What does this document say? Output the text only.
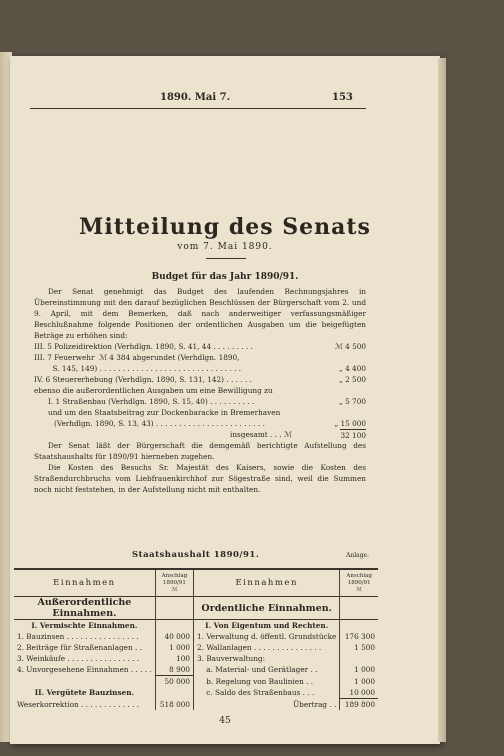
1890. Mai 7.	153
Mitteilung des Senats
vom 7. Mai 1890.
Budget für das Jahr 1890/91.

Der Senat genehmigt das Budget des laufenden Rechnungsjahres in Übereinstimmung mit den darauf bezüglichen Beschlüssen der Bürgerschaft vom 2. und 9. April, mit dem Bemerken, daß nach anderweitiger verfassungsmäßiger Beschlußnahme folgende Positionen der ordentlichen Ausgaben um die beigefügten Beträge zu erhöhen sind:

III. 5 Polizeidirektion (Verhdlgn. 1890, S. 41, 44 . . . . . . . . .	ℳ 4 500
III. 7 Feuerwehr  ℳ 4 384 abgerundet (Verhdlgn. 1890,
S. 145, 149) . . . . . . . . . . . . . . . . . . . . . . . . . . . . . . .	„ 4 400
IV. 6 Steuererhebung (Verhdlgn. 1890, S. 131, 142) . . . . . .	„ 2 500
ebenso die außerordentlichen Ausgaben um eine Bewilligung zu
I. 1 Straßenbau (Verhdlgn. 1890, S. 15, 40) . . . . . . . . . .	„ 5 700
und um den Staatsbeitrag zur Dockenbaracke in Bremerhaven
(Verhdlgn. 1890, S. 13, 43) . . . . . . . . . . . . . . . . . . . . . . . .	„ 15 000
insgesamt . . . ℳ	32 100

Der Senat läßt der Bürgerschaft die demgemäß berichtigte Aufstellung des Staatshaushalts für 1890/91 hierneben zugehen.

Die Kosten des Besuchs Sr. Majestät des Kaisers, sowie die Kosten des Straßendurchbruchs vom Liebfrauenkirchhof zur Sögestraße sind, weil die Summen noch nicht feststehen, in der Aufstellung nicht mit enthalten.

Staatshaushalt 1890/91.	Anlage.
Einnahmen	Anschlag
1890/91
ℳ	Einnahmen	Anschlag
1890/91
ℳ
Außerordentliche Einnahmen.		Ordentliche Einnahmen.	
I. Vermischte Einnahmen.		I. Von Eigentum und Rechten.	
1. Bauzinsen . . . . . . . . . . . . . . . .	40 000	1. Verwaltung d. öffentl. Grundstücke	176 300
2. Beiträge für Straßenanlagen . .	1 000	2. Wallanlagen . . . . . . . . . . . . . . .	1 500
3. Weinkäufe . . . . . . . . . . . . . . . .	100	3. Bauverwaltung:	
4. Unvorgesehene Einnahmen . . . . .	8 900	a. Material- und Gerätlager . .	1 000
	50 000	b. Regelung von Baulinien . .	1 000
II. Vergütete Bauzinsen.		c. Saldo des Straßenbaus . . .	10 000
Weserkorrektion . . . . . . . . . . . . .	518 000	Übertrag . .	189 800
45
